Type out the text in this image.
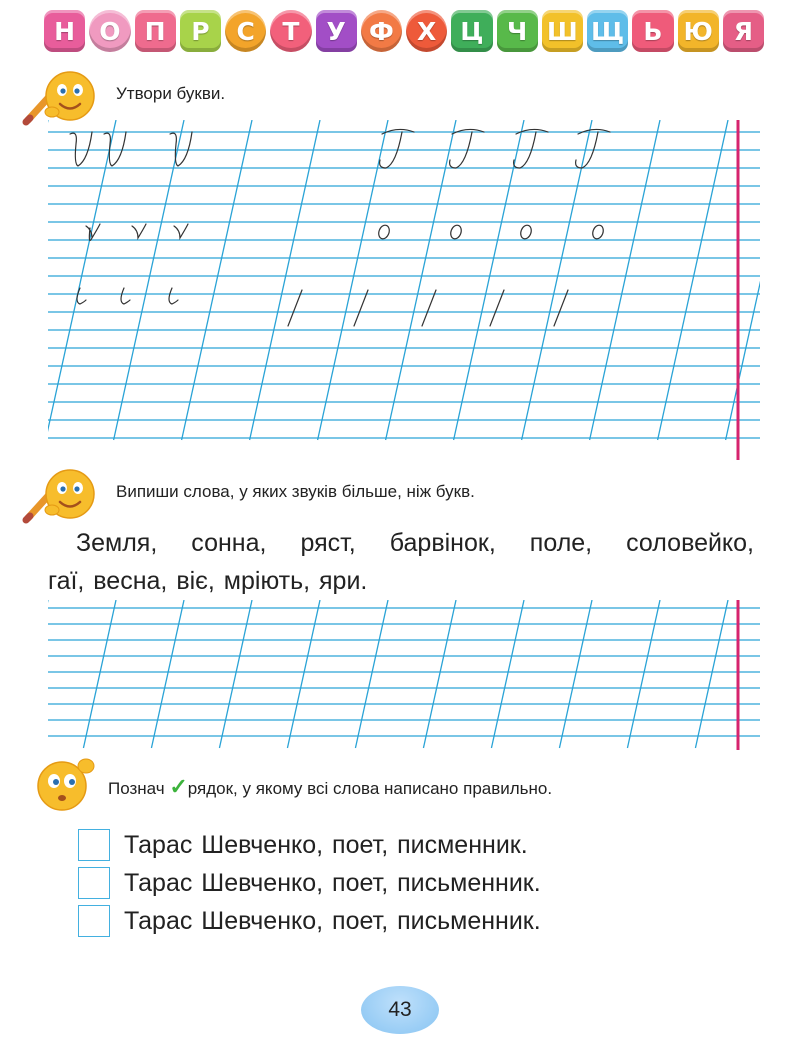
Н О П	Р	С	Т	У Ф Х Ц Ч Ш Щ Ь Ю Я
Утвори букви.
Випиши слова, у яких звуків більше, ніж букв.
Земля, сонна, ряст, барвінок, поле, соловейко,
гаї, весна, віє, мріють, яри.
Познач ✓рядок, у якому всі слова написано правильно.
Тарас Шевченко, поет, писменник.
Тарас Шевченко, поет, письменник.
Тарас Шевченко, поет, письменник.
43
